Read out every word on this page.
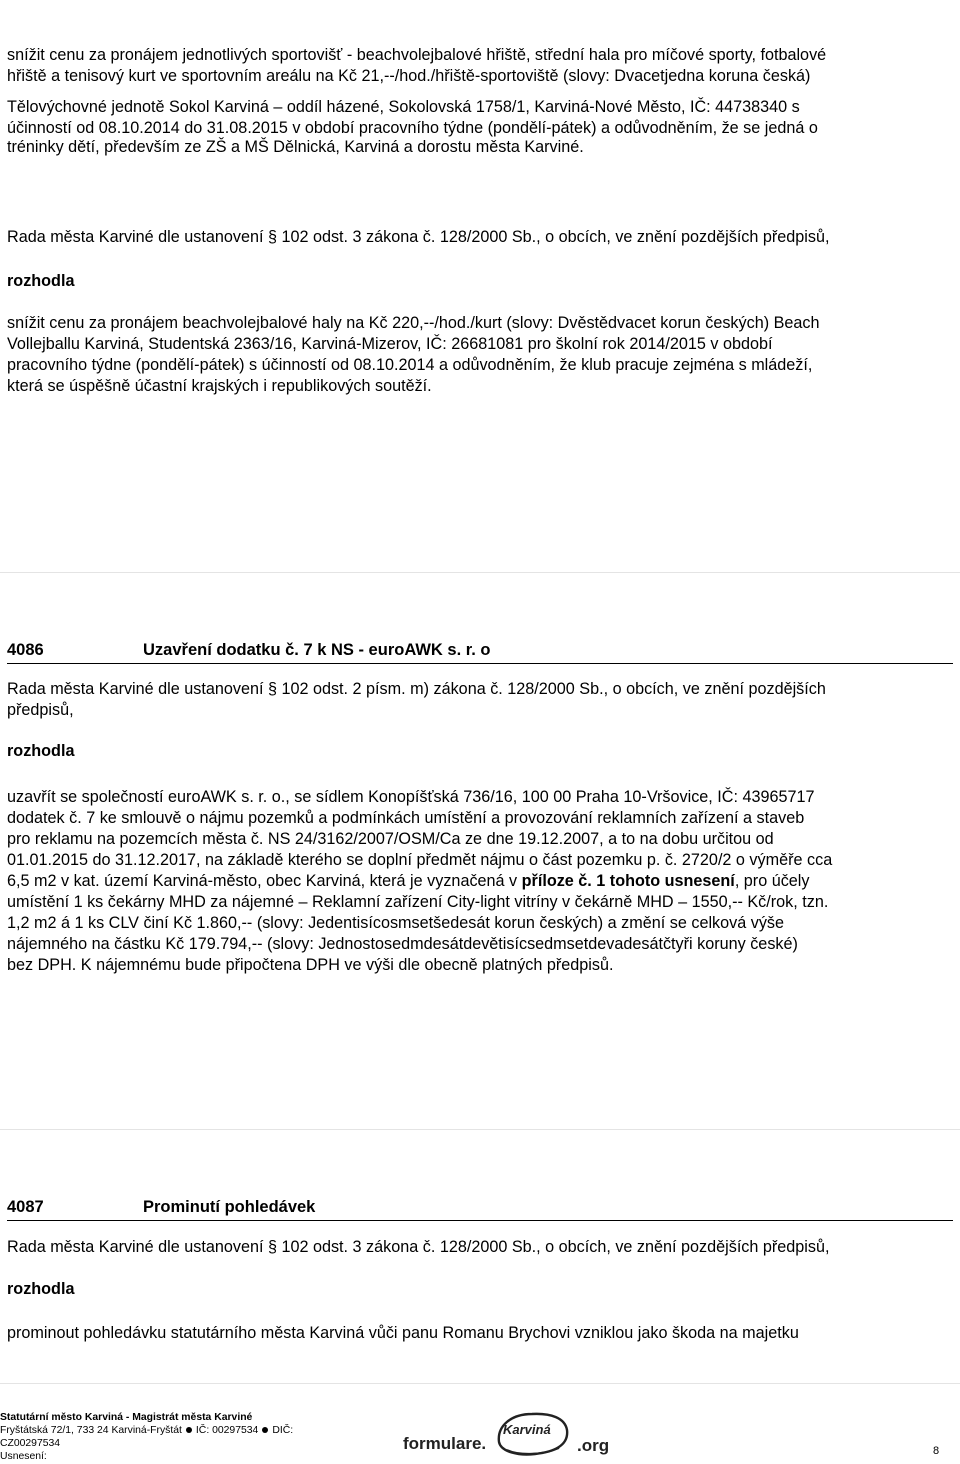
snížit cenu za pronájem jednotlivých sportovišť - beachvolejbalové hřiště, střední hala pro míčové sporty, fotbalové
hřiště a tenisový kurt ve sportovním areálu na Kč 21,--/hod./hřiště-sportoviště (slovy: Dvacetjedna koruna česká)
Tělovýchovné jednotě Sokol Karviná – oddíl házené, Sokolovská 1758/1, Karviná-Nové Město, IČ: 44738340 s
účinností od 08.10.2014 do 31.08.2015 v období pracovního týdne (pondělí-pátek) a odůvodněním, že se jedná o
tréninky dětí, především ze ZŠ a MŠ Dělnická, Karviná a dorostu města Karviné.
Rada města Karviné dle ustanovení § 102 odst. 3 zákona č. 128/2000 Sb., o obcích, ve znění pozdějších předpisů,
rozhodla
snížit cenu za pronájem beachvolejbalové haly na Kč 220,--/hod./kurt (slovy: Dvěstědvacet korun českých) Beach
Vollejballu Karviná, Studentská 2363/16, Karviná-Mizerov, IČ: 26681081 pro školní rok 2014/2015 v období
pracovního týdne (pondělí-pátek) s účinností od 08.10.2014 a odůvodněním, že klub pracuje zejména s mládeží,
která se úspěšně účastní krajských i republikových soutěží.
4086	Uzavření dodatku č. 7 k NS - euroAWK s. r. o
Rada města Karviné dle ustanovení § 102 odst. 2 písm. m) zákona č. 128/2000 Sb., o obcích, ve znění pozdějších
předpisů,
rozhodla
uzavřít se společností euroAWK s. r. o., se sídlem Konopíšťská 736/16, 100 00 Praha 10-Vršovice, IČ: 43965717
dodatek č. 7 ke smlouvě o nájmu pozemků a podmínkách umístění a provozování reklamních zařízení a staveb
pro reklamu na pozemcích města č. NS 24/3162/2007/OSM/Ca ze dne 19.12.2007, a to na dobu určitou od
01.01.2015 do 31.12.2017, na základě kterého se doplní předmět nájmu o část pozemku p. č. 2720/2 o výměře cca
6,5 m2 v kat. území Karviná-město, obec Karviná, která je vyznačená v příloze č. 1 tohoto usnesení, pro účely
umístění 1 ks čekárny MHD za nájemné – Reklamní zařízení City-light vitríny v čekárně MHD – 1550,-- Kč/rok, tzn.
1,2 m2 á 1 ks CLV činí Kč 1.860,-- (slovy: Jedentisícosmsetšedesát korun českých) a změní se celková výše
nájemného na částku Kč 179.794,-- (slovy: Jednostosedmdesátdevětisícsedmsetdevadesátčtyři koruny české)
bez DPH. K nájemnému bude připočtena DPH ve výši dle obecně platných předpisů.
4087	Prominutí pohledávek
Rada města Karviné dle ustanovení § 102 odst. 3 zákona č. 128/2000 Sb., o obcích, ve znění pozdějších předpisů,
rozhodla
prominout pohledávku statutárního města Karviná vůči panu Romanu Brychovi vzniklou jako škoda na majetku
Statutární město Karviná - Magistrát města Karviné
Fryštátská 72/1, 733 24 Karviná-Fryštát IČ: 00297534 DIČ:
CZ00297534
Usnesení:
formulare.
Karviná
.org	8
